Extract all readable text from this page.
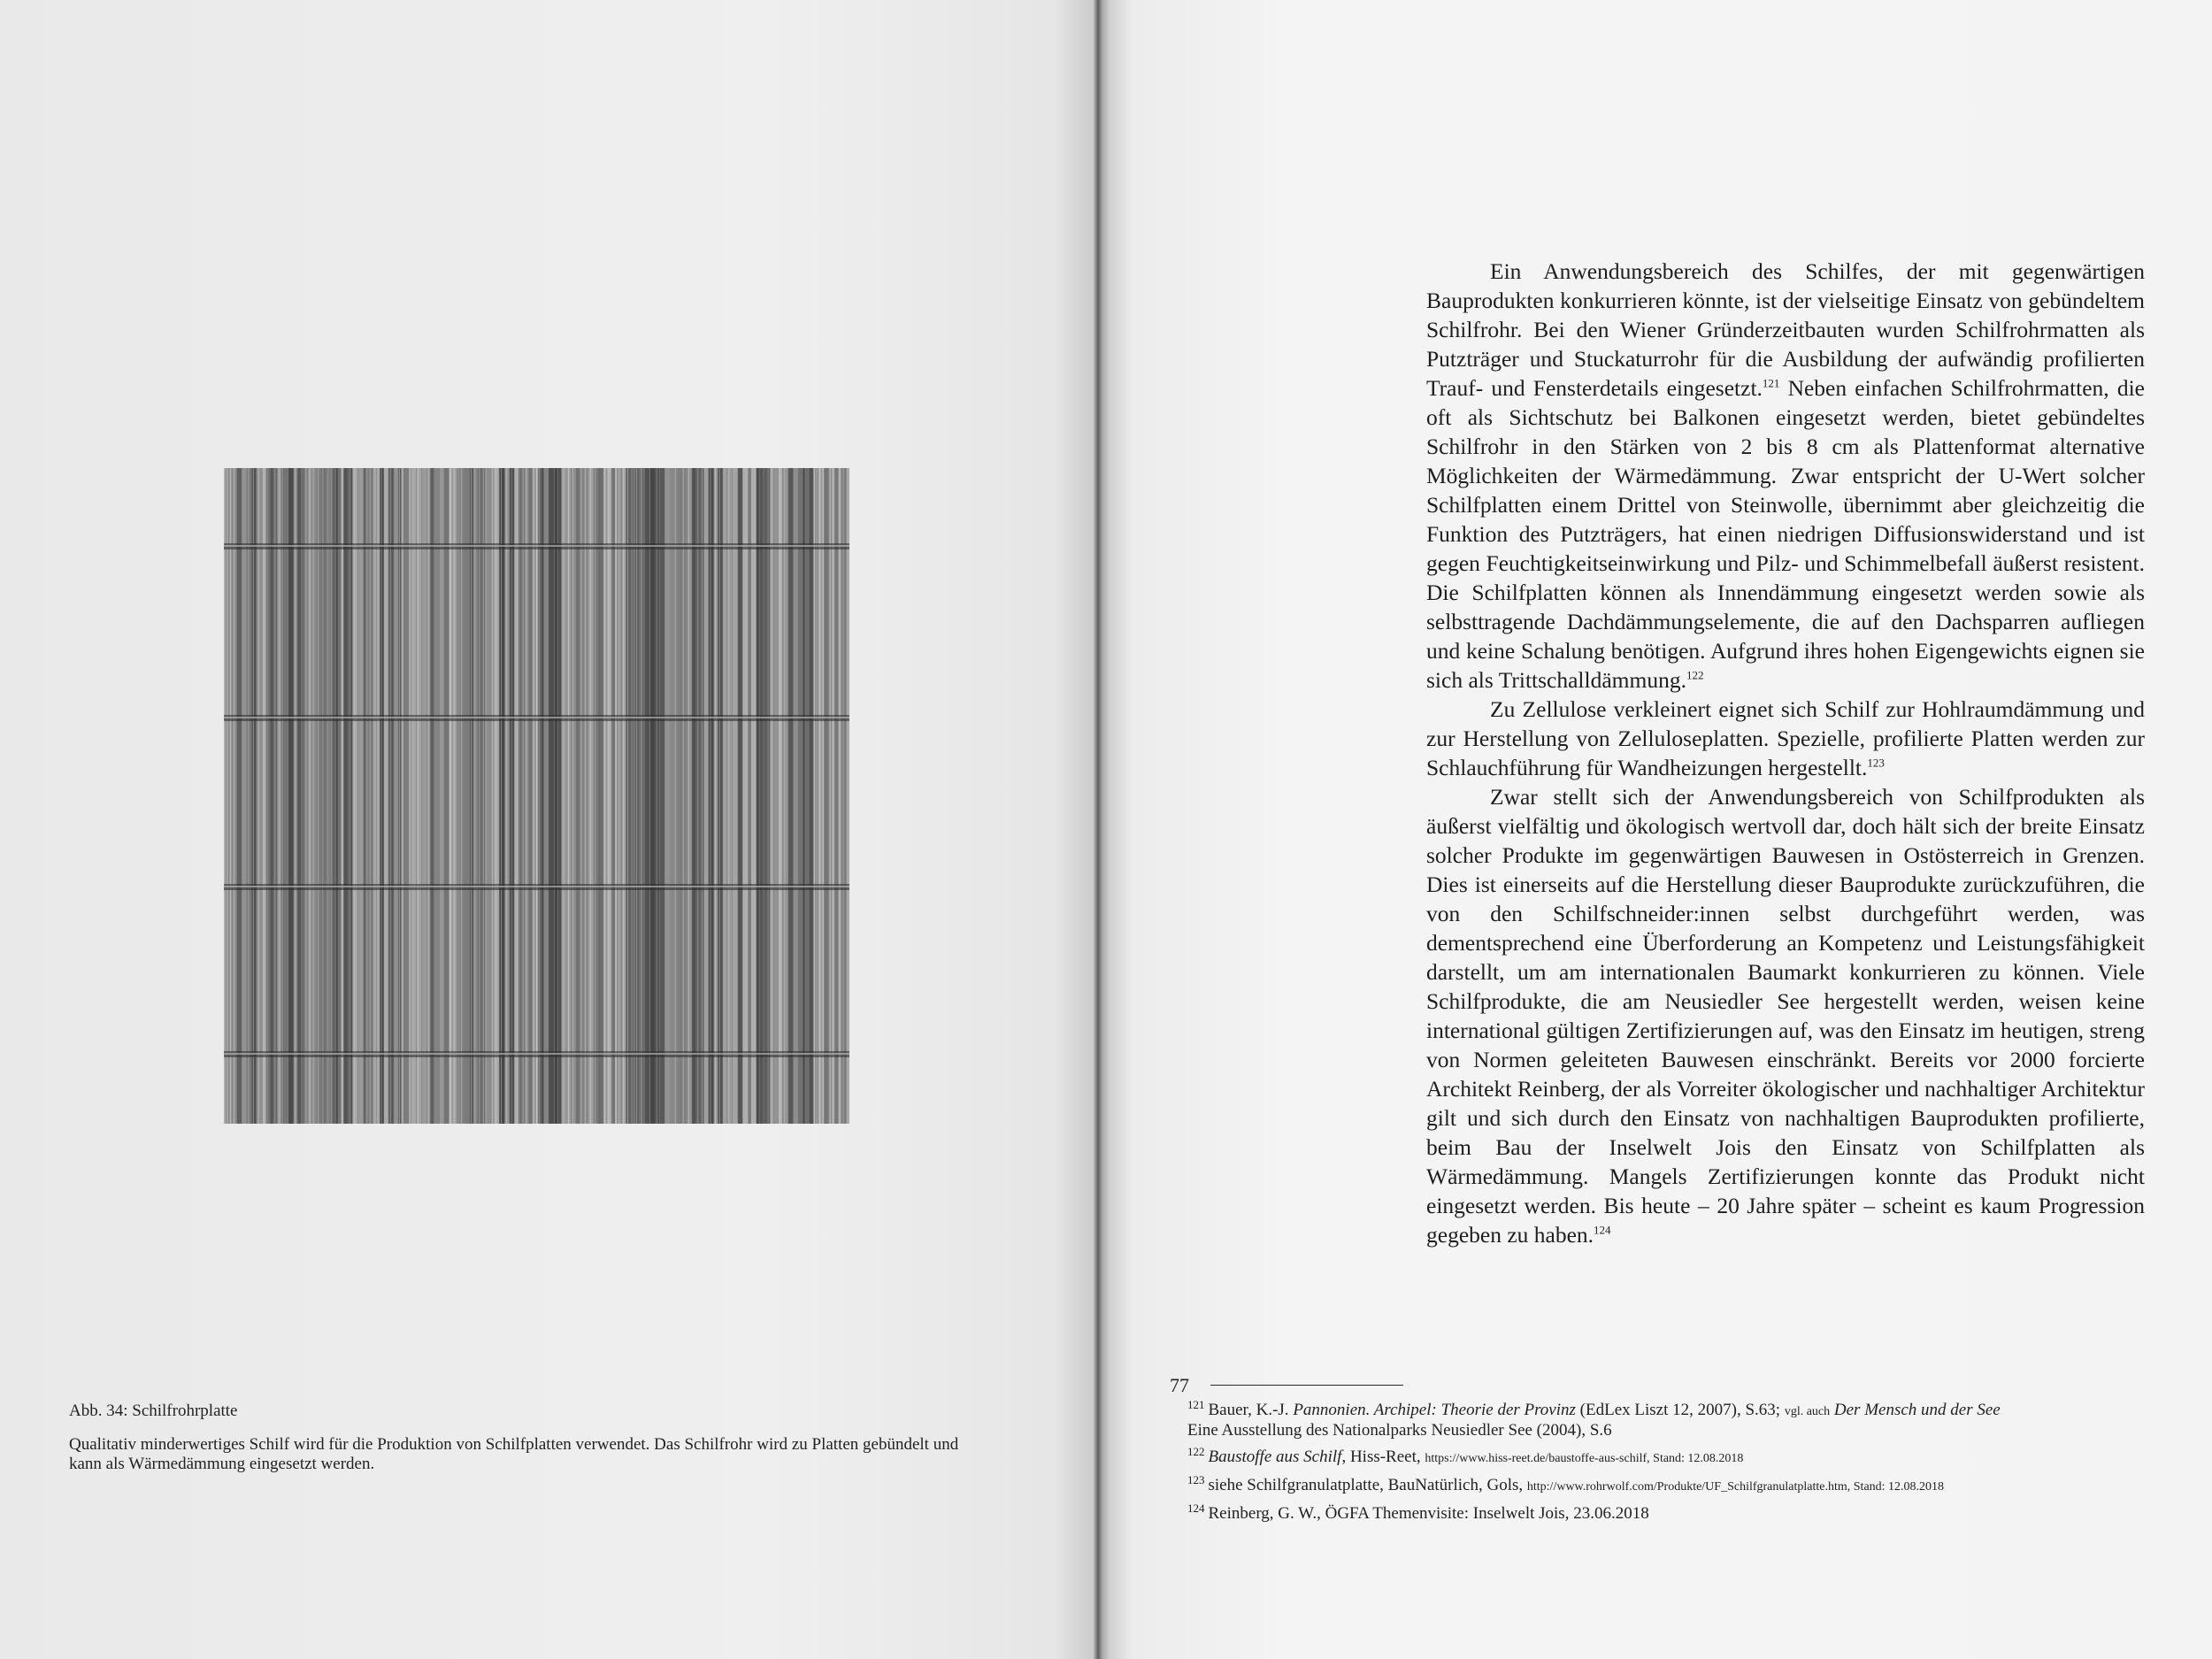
Abb. 34: Schilfrohrplatte

Qualitativ minderwertiges Schilf wird für die Produktion von Schilfplatten verwendet. Das Schilfrohr wird zu Platten gebündelt und kann als Wärmedämmung eingesetzt werden.

Ein Anwendungsbereich des Schilfes, der mit gegenwärtigen Bauprodukten konkurrieren könnte, ist der vielseitige Einsatz von gebündeltem Schilfrohr. Bei den Wiener Gründerzeitbauten wurden Schilfrohrmatten als Putzträger und Stuckaturrohr für die Ausbildung der aufwändig profilierten Trauf- und Fensterdetails eingesetzt.$^{121}$ Neben einfachen Schilfrohrmatten, die oft als Sichtschutz bei Balkonen eingesetzt werden, bietet gebündeltes Schilfrohr in den Stärken von 2 bis 8 cm als Plattenformat alternative Möglichkeiten der Wärmedämmung. Zwar entspricht der U-Wert solcher Schilfplatten einem Drittel von Steinwolle, übernimmt aber gleichzeitig die Funktion des Putzträgers, hat einen niedrigen Diffusionswiderstand und ist gegen Feuchtigkeitseinwirkung und Pilz- und Schimmelbefall äußerst resistent. Die Schilfplatten können als Innendämmung eingesetzt werden sowie als selbsttragende Dachdämmungselemente, die auf den Dachsparren aufliegen und keine Schalung benötigen. Aufgrund ihres hohen Eigengewichts eignen sie sich als Trittschalldämmung.$^{122}$

Zu Zellulose verkleinert eignet sich Schilf zur Hohlraumdämmung und zur Herstellung von Zelluloseplatten. Spezielle, profilierte Platten werden zur Schlauchführung für Wandheizungen hergestellt.$^{123}$

Zwar stellt sich der Anwendungsbereich von Schilfprodukten als äußerst vielfältig und ökologisch wertvoll dar, doch hält sich der breite Einsatz solcher Produkte im gegenwärtigen Bauwesen in Ostösterreich in Grenzen. Dies ist einerseits auf die Herstellung dieser Bauprodukte zurückzuführen, die von den Schilfschneider:innen selbst durchgeführt werden, was dementsprechend eine Überforderung an Kompetenz und Leistungsfähigkeit darstellt, um am internationalen Baumarkt konkurrieren zu können. Viele Schilfprodukte, die am Neusiedler See hergestellt werden, weisen keine international gültigen Zertifizierungen auf, was den Einsatz im heutigen, streng von Normen geleiteten Bauwesen einschränkt. Bereits vor 2000 forcierte Architekt Reinberg, der als Vorreiter ökologischer und nachhaltiger Architektur gilt und sich durch den Einsatz von nachhaltigen Bauprodukten profilierte, beim Bau der Inselwelt Jois den Einsatz von Schilfplatten als Wärmedämmung. Mangels Zertifizierungen konnte das Produkt nicht eingesetzt werden. Bis heute – 20 Jahre später – scheint es kaum Progression gegeben zu haben.$^{124}$

77
$^{121}$ Bauer, K.-J. Pannonien. Archipel: Theorie der Provinz (EdLex Liszt 12, 2007), S.63; vgl. auch Der Mensch und der See
Eine Ausstellung des Nationalparks Neusiedler See (2004), S.6
$^{122}$ Baustoffe aus Schilf, Hiss-Reet, https://www.hiss-reet.de/baustoffe-aus-schilf, Stand: 12.08.2018
$^{123}$ siehe Schilfgranulatplatte, BauNatürlich, Gols, http://www.rohrwolf.com/Produkte/UF_Schilfgranulatplatte.htm, Stand: 12.08.2018
$^{124}$ Reinberg, G. W., ÖGFA Themenvisite: Inselwelt Jois, 23.06.2018
